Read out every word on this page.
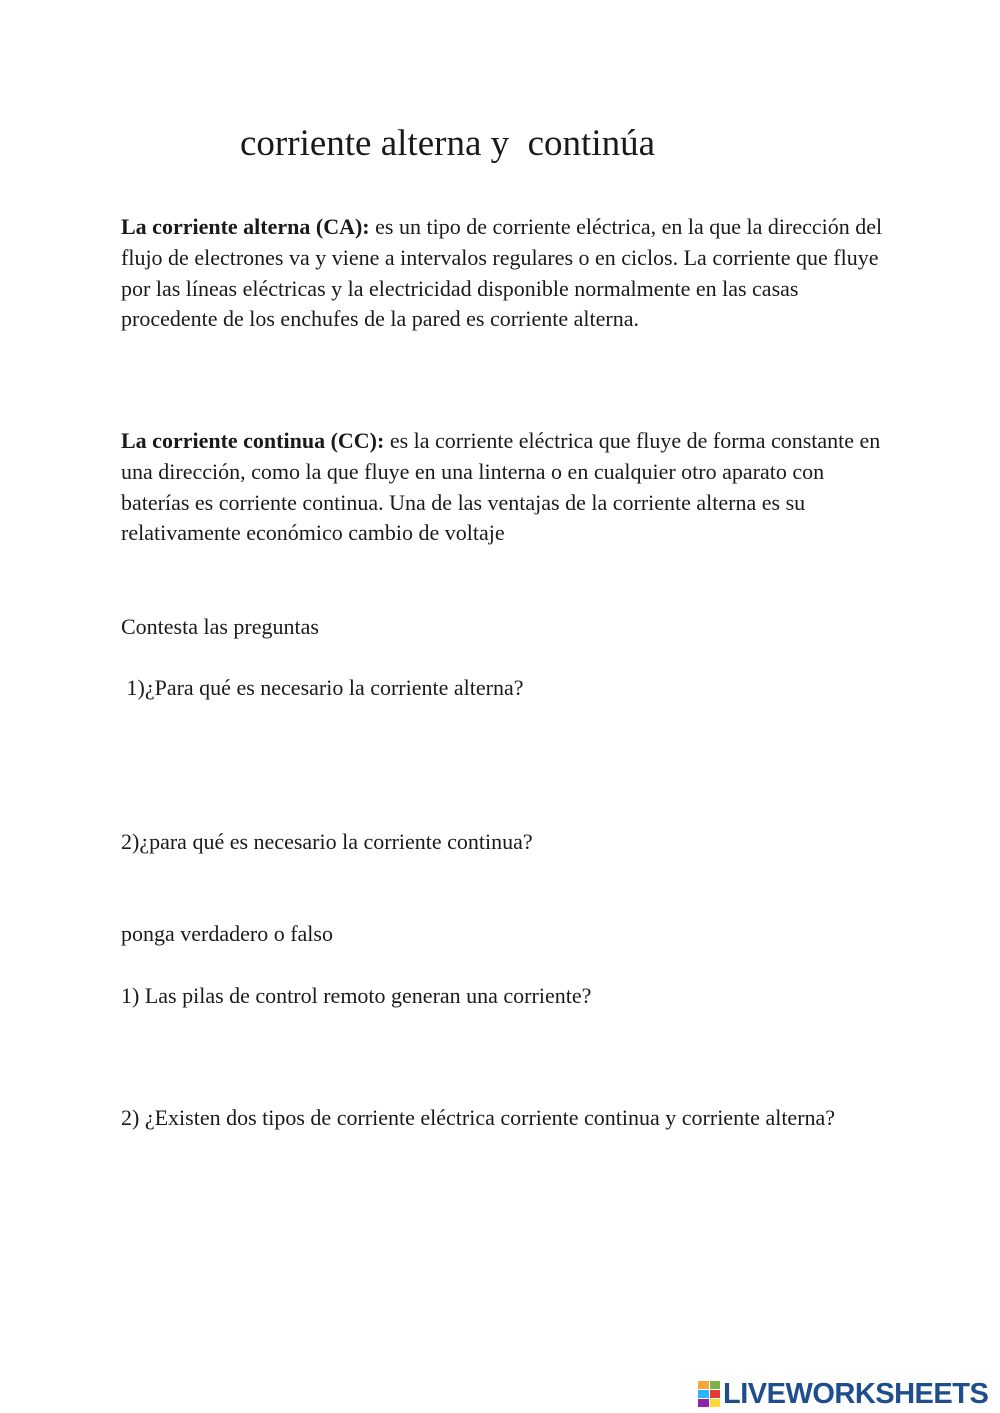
corriente alterna y  continúa

La corriente alterna (CA): es un tipo de corriente eléctrica, en la que la dirección del flujo de electrones va y viene a intervalos regulares o en ciclos. La corriente que fluye por las líneas eléctricas y la electricidad disponible normalmente en las casas procedente de los enchufes de la pared es corriente alterna.

La corriente continua (CC): es la corriente eléctrica que fluye de forma constante en una dirección, como la que fluye en una linterna o en cualquier otro aparato con baterías es corriente continua. Una de las ventajas de la corriente alterna es su relativamente económico cambio de voltaje

Contesta las preguntas
1)¿Para qué es necesario la corriente alterna?
2)¿para qué es necesario la corriente continua?
ponga verdadero o falso
1) Las pilas de control remoto generan una corriente?

2) ¿Existen dos tipos de corriente eléctrica corriente continua y corriente alterna?

LIVEWORKSHEETS
